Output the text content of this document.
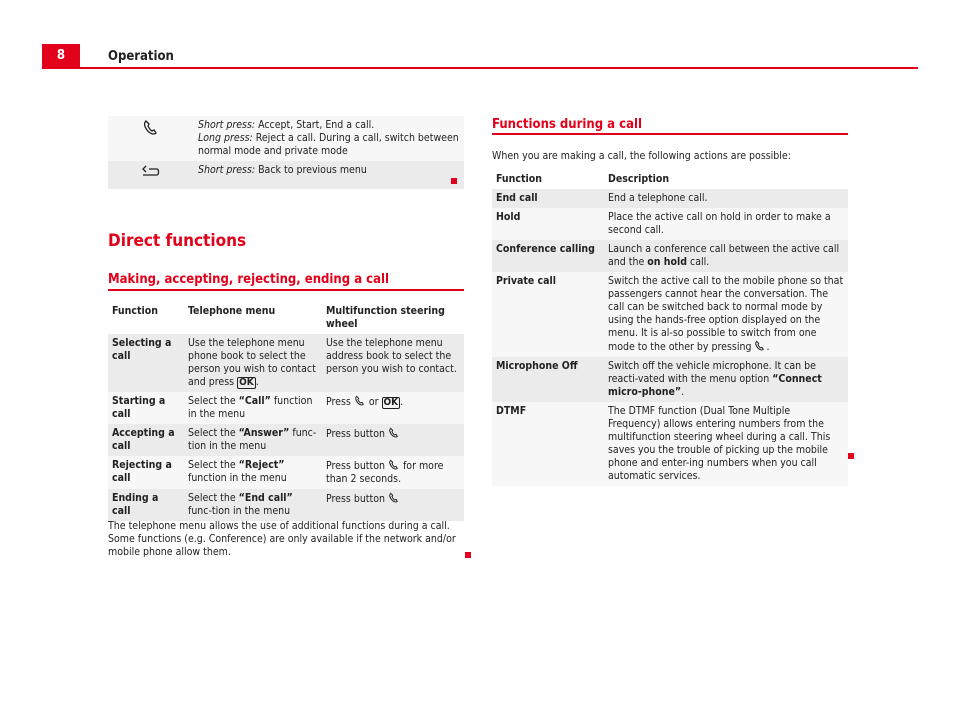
8	Operation
	Short press: Accept, Start, End a call.
Long press: Reject a call. During a call, switch between normal mode and private mode
	Short press: Back to previous menu
Direct functions
Making, accepting, rejecting, ending a call
Function	Telephone menu	Multifunction steering wheel
Selecting a call	Use the telephone menu phone book to select the person you wish to contact and press OK .	Use the telephone menu address book to select the person you wish to contact.
Starting a call	Select the “Call” function in the menu	Press  or OK .
Accepting a call	Select the “Answer” func-tion in the menu	Press button
Rejecting a call	Select the “Reject” function in the menu	Press button  for more than 2 seconds.
Ending a call	Select the “End call” func-tion in the menu	Press button
The telephone menu allows the use of additional functions during a call. Some functions (e.g. Conference) are only available if the network and/or mobile phone allow them.
Functions during a call
When you are making a call, the following actions are possible:
Function	Description
End call	End a telephone call.
Hold	Place the active call on hold in order to make a second call.
Conference calling	Launch a conference call between the active call and the on hold call.
Private call	Switch the active call to the mobile phone so that passengers cannot hear the conversation. The call can be switched back to normal mode by using the hands-free option displayed on the menu. It is al-so possible to switch from one mode to the other by pressing .
Microphone Off	Switch off the vehicle microphone. It can be reacti-vated with the menu option “Connect micro-phone”.
DTMF	The DTMF function (Dual Tone Multiple Frequency) allows entering numbers from the multifunction steering wheel during a call. This saves you the trouble of picking up the mobile phone and enter-ing numbers when you call automatic services.
